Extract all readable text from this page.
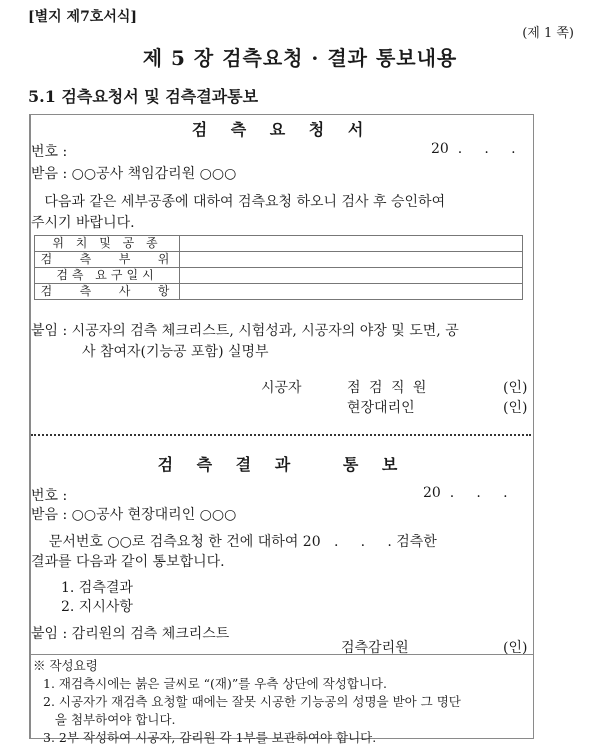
[별지 제7호서식]
(제 1 쪽)
제 5 장 검측요청 · 결과 통보내용
5.1 검측요청서 및 검측결과통보
검 측 요 청 서
번호 :	20  .     .     .
받음 : ○○공사 책임감리원 ○○○
다음과 같은 세부공종에 대하여 검측요청 하오니 검사 후 승인하여
주시기 바랍니다.
위 치 및 공 종	
검   측   부   위	
검측 요구일시	
검   측   사   항	
붙임 : 시공자의 검측 체크리스트, 시험성과, 시공자의 야장 및 도면, 공
사 참여자(기능공 포함) 실명부
시공자	점 검 직 원	(인)
현장대리인	(인)
검 측 결 과   통 보
번호 :	20  .     .     .
받음 : ○○공사 현장대리인 ○○○
문서번호 ○○로 검측요청 한 건에 대하여 20   .     .     . 검측한
결과를 다음과 같이 통보합니다.
1. 검측결과
2. 지시사항
붙임 : 감리원의 검측 체크리스트
검측감리원	(인)
※ 작성요령
1. 재검측시에는 붉은 글씨로 “(재)”를 우측 상단에 작성합니다.
2. 시공자가 재검측 요청할 때에는 잘못 시공한 기능공의 성명을 받아 그 명단
을 첨부하여야 합니다.
3. 2부 작성하여 시공자, 감리원 각 1부를 보관하여야 합니다.
